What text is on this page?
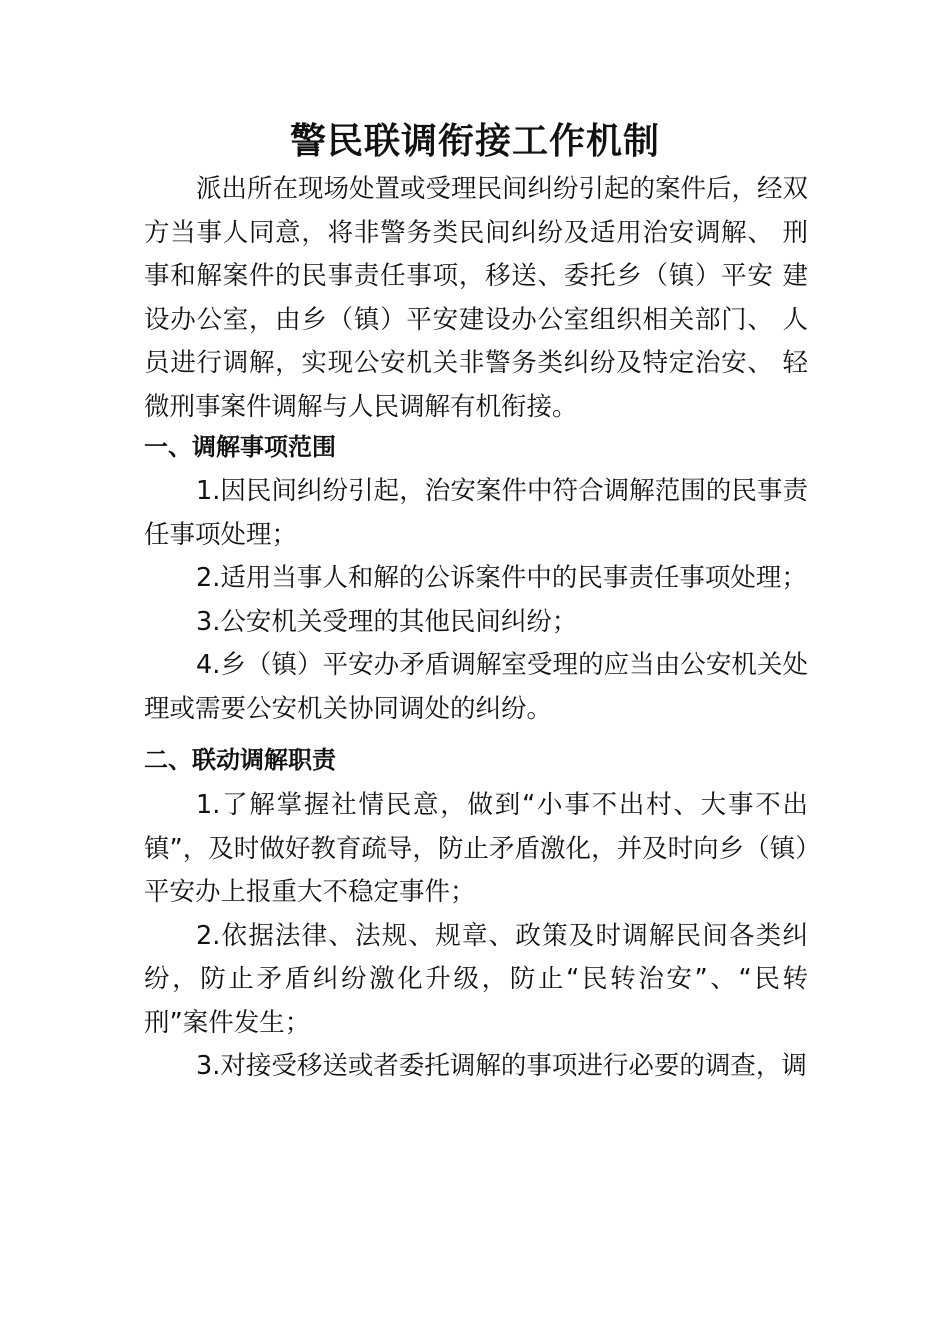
警民联调衔接工作机制

派出所在现场处置或受理民间纠纷引起的案件后，经双方当事人同意，将非警务类民间纠纷及适用治安调解、 刑事和解案件的民事责任事项，移送、委托乡（镇）平安 建设办公室，由乡（镇）平安建设办公室组织相关部门、 人员进行调解，实现公安机关非警务类纠纷及特定治安、 轻微刑事案件调解与人民调解有机衔接。

一、调解事项范围

1.因民间纠纷引起，治安案件中符合调解范围的民事责任事项处理；

2.适用当事人和解的公诉案件中的民事责任事项处理；

3.公安机关受理的其他民间纠纷；

4.乡（镇）平安办矛盾调解室受理的应当由公安机关处理或需要公安机关协同调处的纠纷。

二、联动调解职责

1.了解掌握社情民意，做到“小事不出村、大事不出镇”，及时做好教育疏导，防止矛盾激化，并及时向乡（镇）平安办上报重大不稳定事件；

2.依据法律、法规、规章、政策及时调解民间各类纠纷，防止矛盾纠纷激化升级，防止“民转治安”、“民转刑”案件发生；

3.对接受移送或者委托调解的事项进行必要的调查，调
